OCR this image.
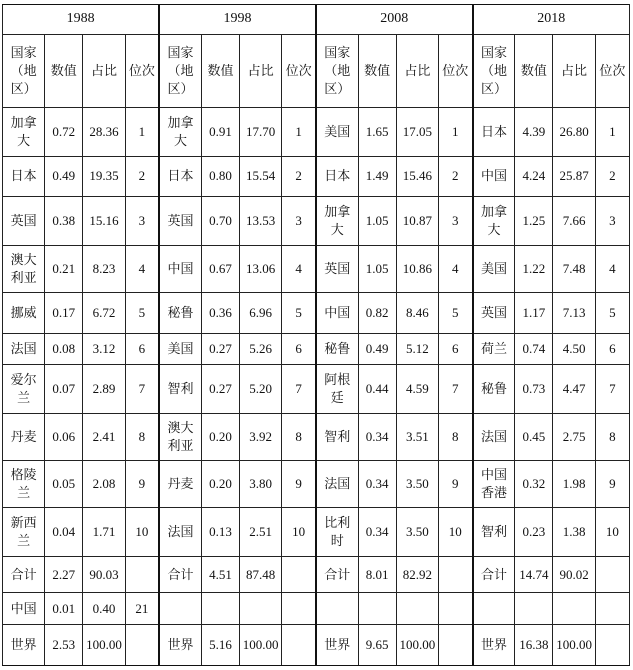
1988				1998				2008				2018			
国家（地区）	数值	占比	位次	国家（地区）	数值	占比	位次	国家（地区）	数值	占比	位次	国家（地区）	数值	占比	位次
加拿大	0.72	28.36	1	加拿大	0.91	17.70	1	美国	1.65	17.05	1	日本	4.39	26.80	1
日本	0.49	19.35	2	日本	0.80	15.54	2	日本	1.49	15.46	2	中国	4.24	25.87	2
英国	0.38	15.16	3	英国	0.70	13.53	3	加拿大	1.05	10.87	3	加拿大	1.25	7.66	3
澳大利亚	0.21	8.23	4	中国	0.67	13.06	4	英国	1.05	10.86	4	美国	1.22	7.48	4
挪威	0.17	6.72	5	秘鲁	0.36	6.96	5	中国	0.82	8.46	5	英国	1.17	7.13	5
法国	0.08	3.12	6	美国	0.27	5.26	6	秘鲁	0.49	5.12	6	荷兰	0.74	4.50	6
爱尔兰	0.07	2.89	7	智利	0.27	5.20	7	阿根廷	0.44	4.59	7	秘鲁	0.73	4.47	7
丹麦	0.06	2.41	8	澳大利亚	0.20	3.92	8	智利	0.34	3.51	8	法国	0.45	2.75	8
格陵兰	0.05	2.08	9	丹麦	0.20	3.80	9	法国	0.34	3.50	9	中国香港	0.32	1.98	9
新西兰	0.04	1.71	10	法国	0.13	2.51	10	比利时	0.34	3.50	10	智利	0.23	1.38	10
合计	2.27	90.03		合计	4.51	87.48		合计	8.01	82.92		合计	14.74	90.02	
中国	0.01	0.40	21												
世界	2.53	100.00		世界	5.16	100.00		世界	9.65	100.00		世界	16.38	100.00	
